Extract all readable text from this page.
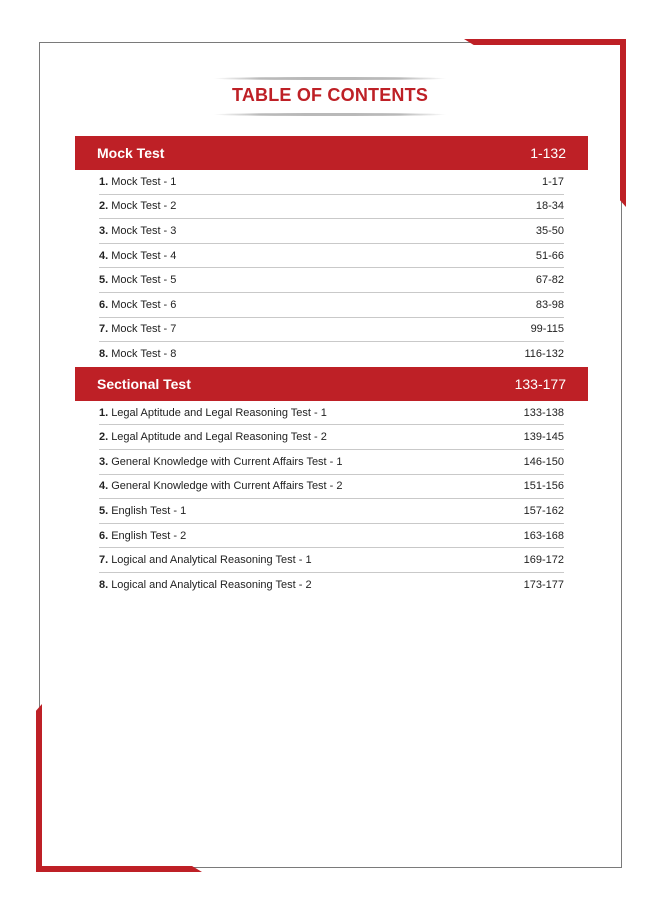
TABLE OF CONTENTS
Mock Test	1-132
1. Mock Test - 1	1-17
2. Mock Test - 2	18-34
3. Mock Test - 3	35-50
4. Mock Test - 4	51-66
5. Mock Test - 5	67-82
6. Mock Test - 6	83-98
7. Mock Test - 7	99-115
8. Mock Test - 8	116-132
Sectional Test	133-177
1. Legal Aptitude and Legal Reasoning Test - 1	133-138
2. Legal Aptitude and Legal Reasoning Test - 2	139-145
3. General Knowledge with Current Affairs Test - 1	146-150
4. General Knowledge with Current Affairs Test - 2	151-156
5. English Test - 1	157-162
6. English Test - 2	163-168
7. Logical and Analytical Reasoning Test - 1	169-172
8. Logical and Analytical Reasoning Test - 2	173-177
